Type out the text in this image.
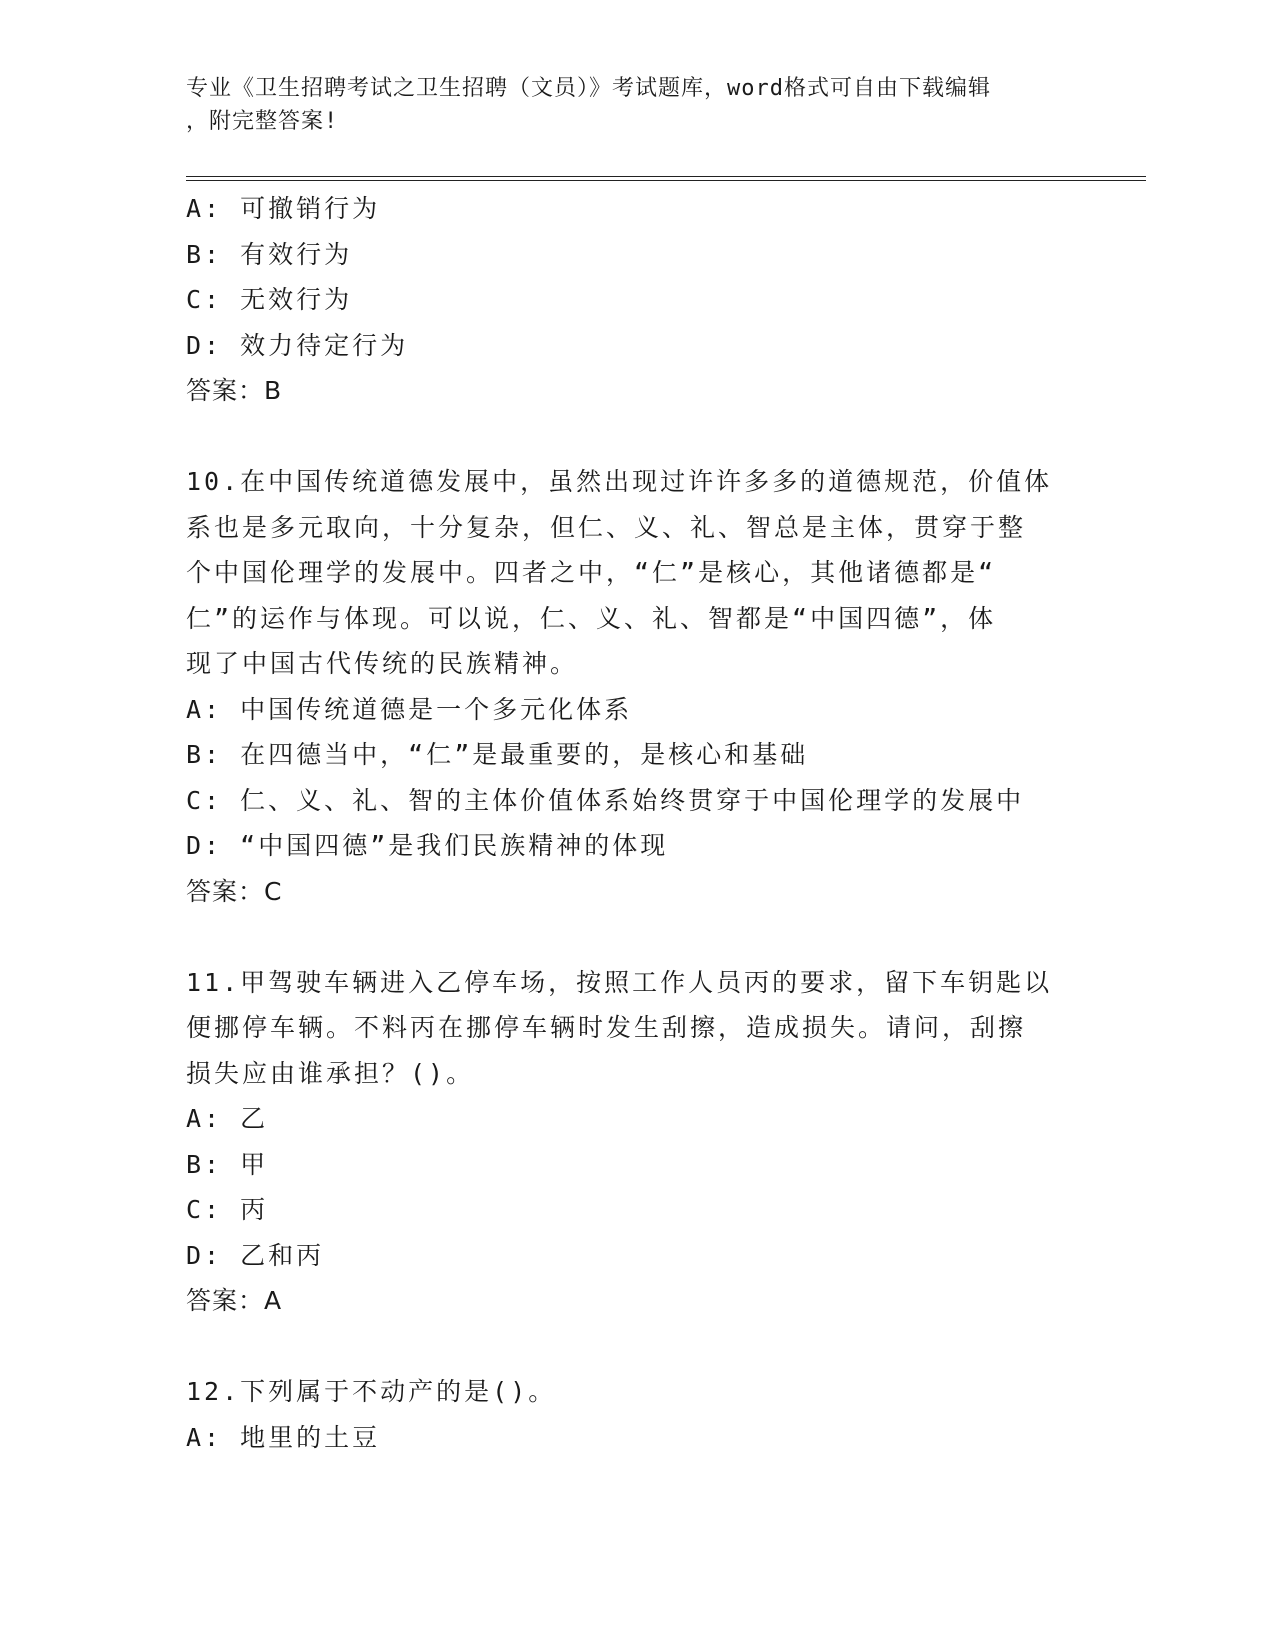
专业《卫生招聘考试之卫生招聘（文员）》考试题库，word格式可自由下载编辑
，附完整答案!
A: 可撤销行为
B: 有效行为
C: 无效行为
D: 效力待定行为
答案：B
10.在中国传统道德发展中，虽然出现过许许多多的道德规范，价值体
系也是多元取向，十分复杂，但仁、义、礼、智总是主体，贯穿于整
个中国伦理学的发展中。四者之中，“仁”是核心，其他诸德都是“
仁”的运作与体现。可以说，仁、义、礼、智都是“中国四德”，体
现了中国古代传统的民族精神。
A: 中国传统道德是一个多元化体系
B: 在四德当中，“仁”是最重要的，是核心和基础
C: 仁、义、礼、智的主体价值体系始终贯穿于中国伦理学的发展中
D: “中国四德”是我们民族精神的体现
答案：C
11.甲驾驶车辆进入乙停车场，按照工作人员丙的要求，留下车钥匙以
便挪停车辆。不料丙在挪停车辆时发生刮擦，造成损失。请问，刮擦
损失应由谁承担？()。
A: 乙
B: 甲
C: 丙
D: 乙和丙
答案：A
12.下列属于不动产的是()。
A: 地里的土豆
